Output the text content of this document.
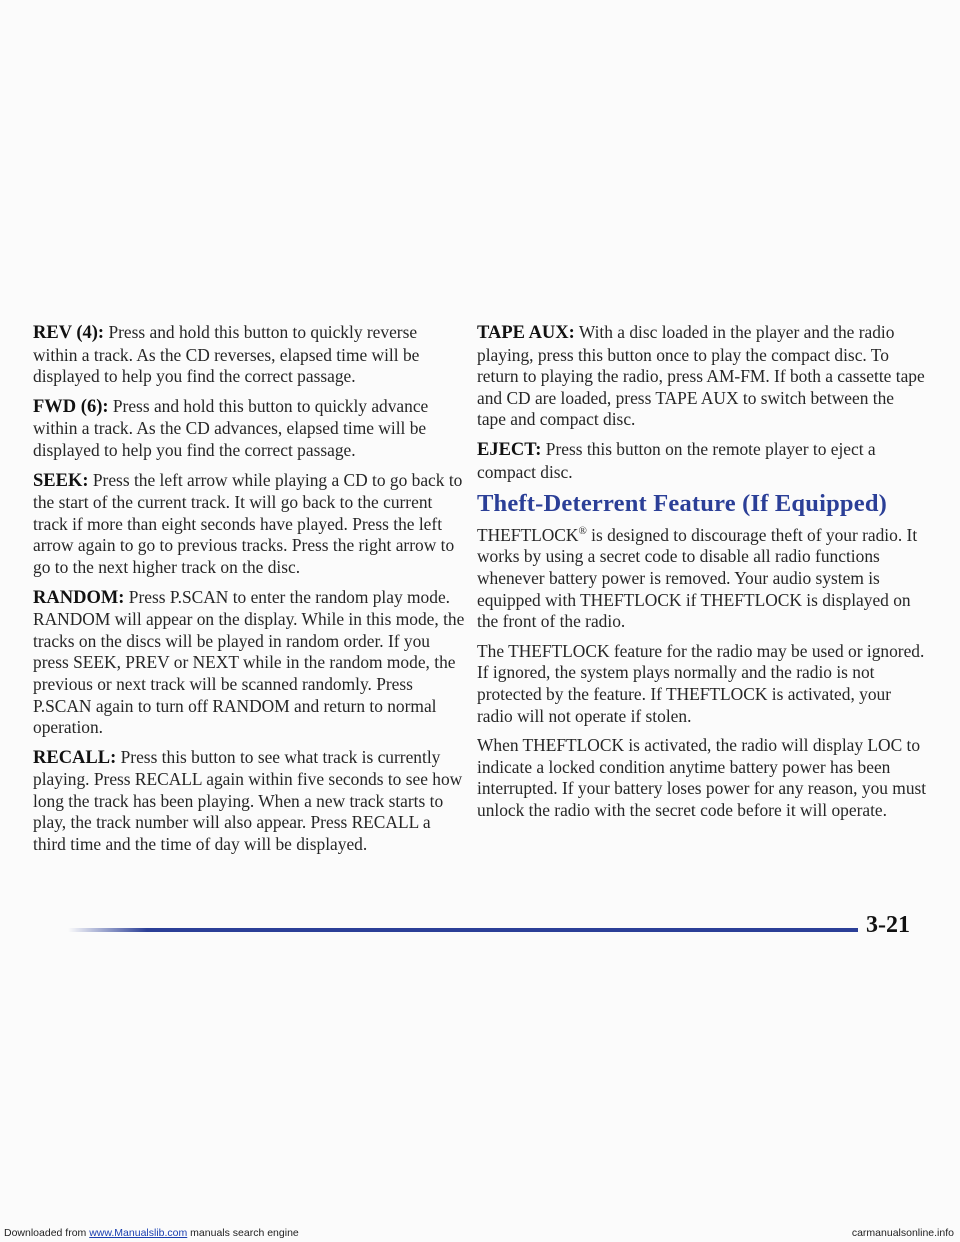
REV (4): Press and hold this button to quickly reverse within a track. As the CD reverses, elapsed time will be displayed to help you find the correct passage.

FWD (6): Press and hold this button to quickly advance within a track. As the CD advances, elapsed time will be displayed to help you find the correct passage.

SEEK: Press the left arrow while playing a CD to go back to the start of the current track. It will go back to the current track if more than eight seconds have played. Press the left arrow again to go to previous tracks. Press the right arrow to go to the next higher track on the disc.

RANDOM: Press P.SCAN to enter the random play mode. RANDOM will appear on the display. While in this mode, the tracks on the discs will be played in random order. If you press SEEK, PREV or NEXT while in the random mode, the previous or next track will be scanned randomly. Press P.SCAN again to turn off RANDOM and return to normal operation.

RECALL: Press this button to see what track is currently playing. Press RECALL again within five seconds to see how long the track has been playing. When a new track starts to play, the track number will also appear. Press RECALL a third time and the time of day will be displayed.

TAPE AUX: With a disc loaded in the player and the radio playing, press this button once to play the compact disc. To return to playing the radio, press AM-FM. If both a cassette tape and CD are loaded, press TAPE AUX to switch between the tape and compact disc.

EJECT: Press this button on the remote player to eject a compact disc.

Theft-Deterrent Feature (If Equipped)

THEFTLOCK® is designed to discourage theft of your radio. It works by using a secret code to disable all radio functions whenever battery power is removed. Your audio system is equipped with THEFTLOCK if THEFTLOCK is displayed on the front of the radio.

The THEFTLOCK feature for the radio may be used or ignored. If ignored, the system plays normally and the radio is not protected by the feature. If THEFTLOCK is activated, your radio will not operate if stolen.

When THEFTLOCK is activated, the radio will display LOC to indicate a locked condition anytime battery power has been interrupted. If your battery loses power for any reason, you must unlock the radio with the secret code before it will operate.

3-21
Downloaded from www.Manualslib.com manuals search engine	carmanualsonline.info
